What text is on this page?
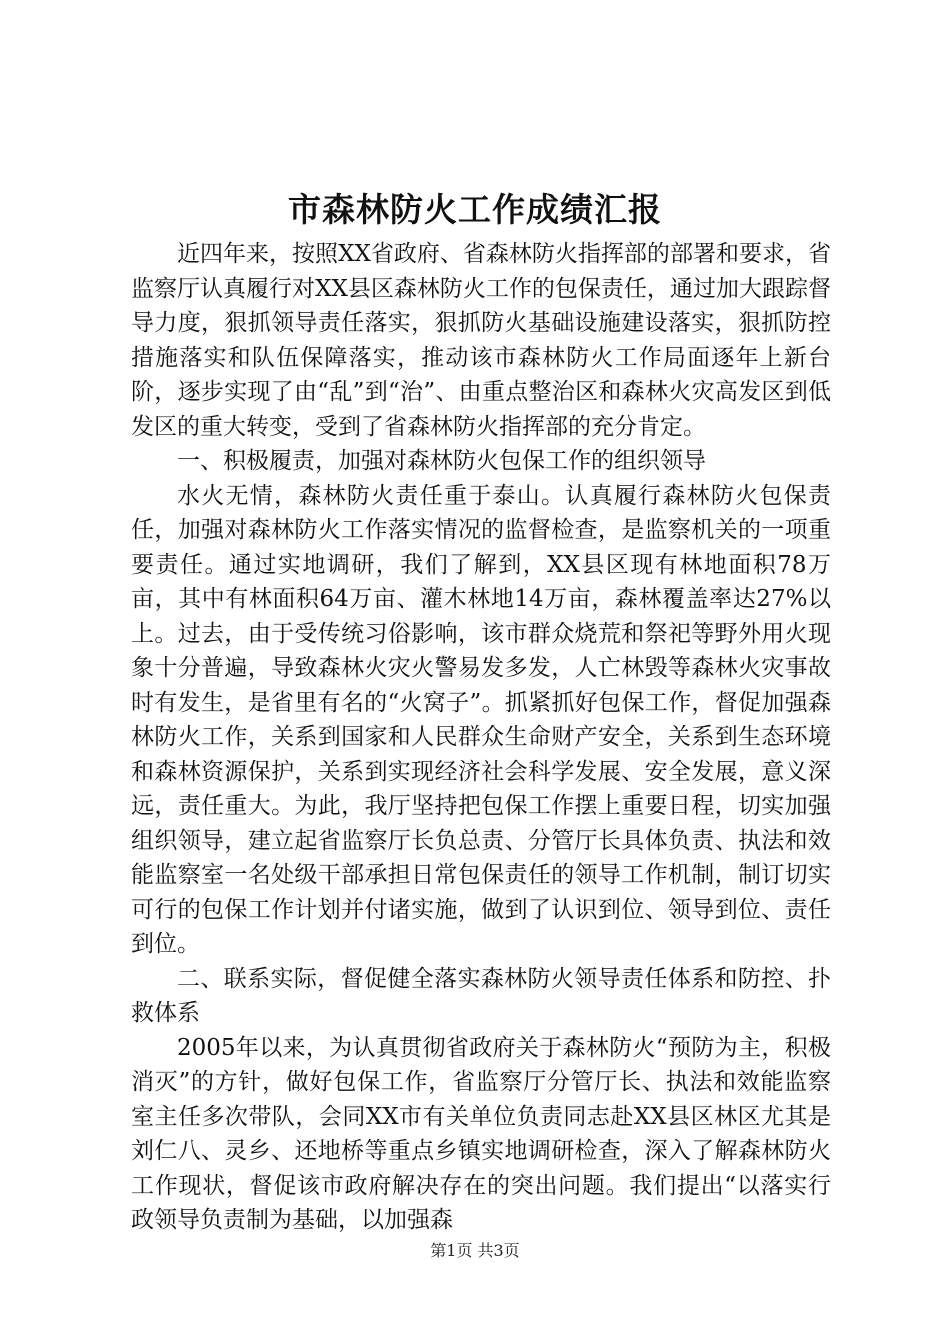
市森林防火工作成绩汇报

近四年来，按照XX省政府、省森林防火指挥部的部署和要求，省监察厅认真履行对XX县区森林防火工作的包保责任，通过加大跟踪督导力度，狠抓领导责任落实，狠抓防火基础设施建设落实，狠抓防控措施落实和队伍保障落实，推动该市森林防火工作局面逐年上新台阶，逐步实现了由“乱”到“治”、由重点整治区和森林火灾高发区到低发区的重大转变，受到了省森林防火指挥部的充分肯定。

一、积极履责，加强对森林防火包保工作的组织领导

水火无情，森林防火责任重于泰山。认真履行森林防火包保责任，加强对森林防火工作落实情况的监督检查，是监察机关的一项重要责任。通过实地调研，我们了解到，XX县区现有林地面积78万亩，其中有林面积64万亩、灌木林地14万亩，森林覆盖率达27%以上。过去，由于受传统习俗影响，该市群众烧荒和祭祀等野外用火现象十分普遍，导致森林火灾火警易发多发，人亡林毁等森林火灾事故时有发生，是省里有名的“火窝子”。抓紧抓好包保工作，督促加强森林防火工作，关系到国家和人民群众生命财产安全，关系到生态环境和森林资源保护，关系到实现经济社会科学发展、安全发展，意义深远，责任重大。为此，我厅坚持把包保工作摆上重要日程，切实加强组织领导，建立起省监察厅长负总责、分管厅长具体负责、执法和效能监察室一名处级干部承担日常包保责任的领导工作机制，制订切实可行的包保工作计划并付诸实施，做到了认识到位、领导到位、责任到位。

二、联系实际，督促健全落实森林防火领导责任体系和防控、扑救体系

2005年以来，为认真贯彻省政府关于森林防火“预防为主，积极消灭”的方针，做好包保工作，省监察厅分管厅长、执法和效能监察室主任多次带队，会同XX市有关单位负责同志赴XX县区林区尤其是刘仁八、灵乡、还地桥等重点乡镇实地调研检查，深入了解森林防火工作现状，督促该市政府解决存在的突出问题。我们提出“以落实行政领导负责制为基础，以加强森

第1页 共3页
